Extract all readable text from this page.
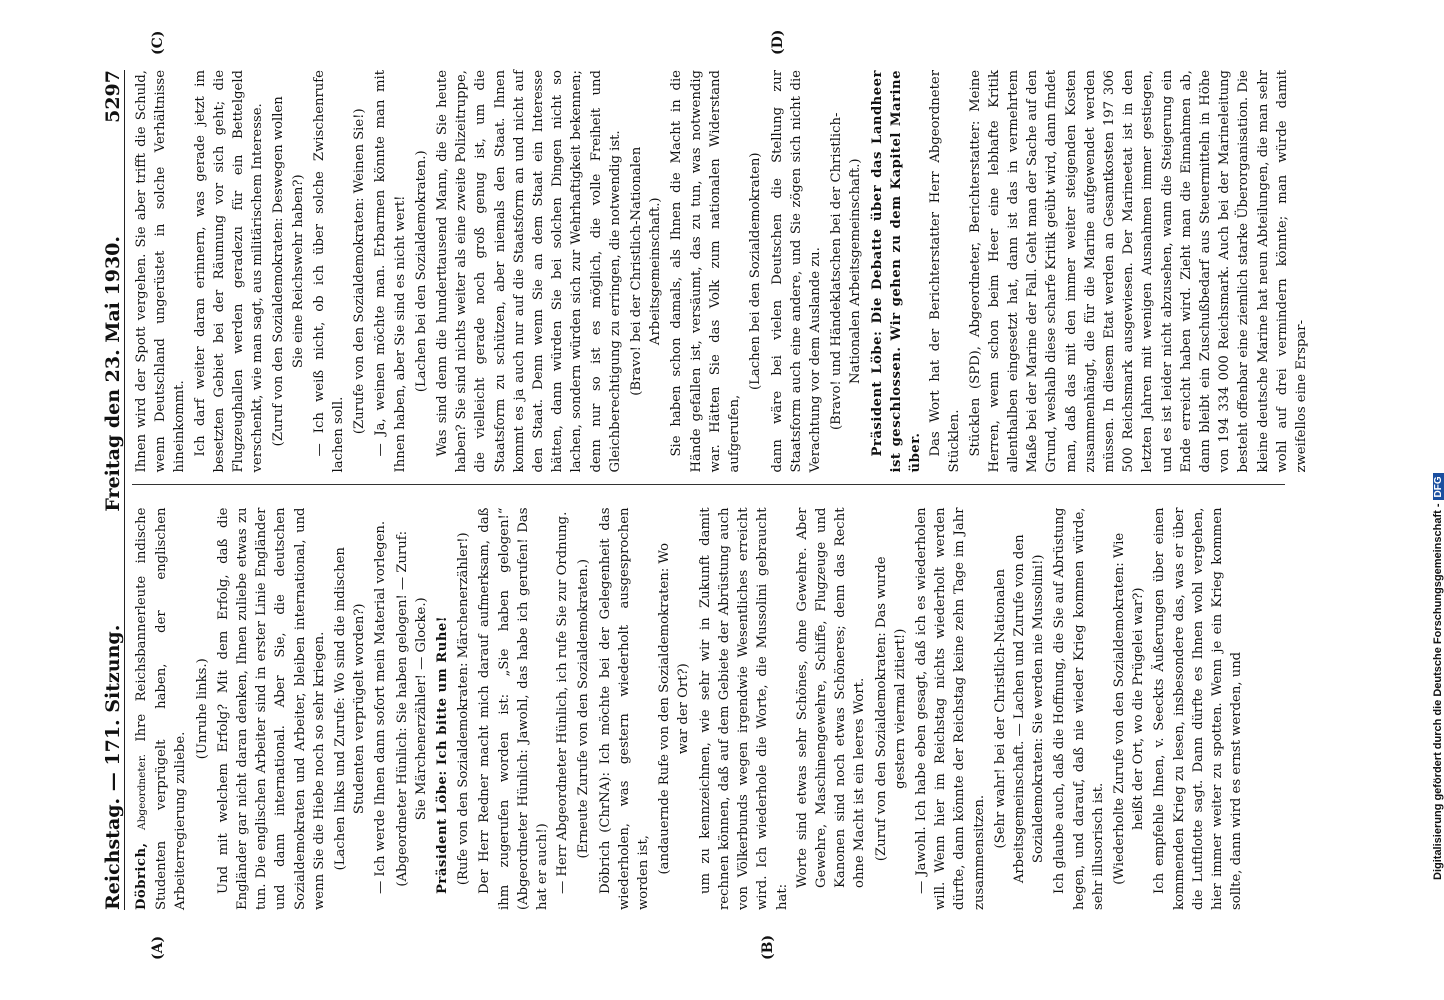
Reichstag. — 171. Sitzung.
Freitag den 23. Mai 1930.
5297
(A)	(B)
(C)	(D)

Döbrich, Abgeordneter. Ihre Reichsbannerleute indische Studenten verprügelt haben, der englischen Arbeiterregierung zuliebe.

(Unruhe links.) Und mit welchem Erfolg? Mit dem Erfolg, daß die Engländer gar nicht daran denken, Ihnen zuliebe etwas zu tun. Die englischen Arbeiter sind in erster Linie Engländer und dann international. Aber Sie, die deutschen Sozialdemokraten und Arbeiter, bleiben international, und wenn Sie die Hiebe noch so sehr kriegen. (Lachen links und Zurufe: Wo sind die indischen Studenten verprügelt worden?) — Ich werde Ihnen dann sofort mein Material vorlegen. (Abgeordneter Hünlich: Sie haben gelogen! — Zuruf: Sie Märchenerzähler! — Glocke.) Präsident Löbe: Ich bitte um Ruhe! (Rufe von den Sozialdemokraten: Märchenerzähler!) Der Herr Redner macht mich darauf aufmerksam, daß ihm zugerufen worden ist: „Sie haben gelogen!“ (Abgeordneter Hünlich: Jawohl, das habe ich gerufen! Das hat er auch!) — Herr Abgeordneter Hünlich, ich rufe Sie zur Ordnung. (Erneute Zurufe von den Sozialdemokraten.) Döbrich (ChrNA): Ich möchte bei der Gelegenheit das wiederholen, was gestern wiederholt ausgesprochen worden ist, (andauernde Rufe von den Sozialdemokraten: Wo war der Ort?) um zu kennzeichnen, wie sehr wir in Zukunft damit rechnen können, daß auf dem Gebiete der Abrüstung auch von Völkerbunds wegen irgendwie Wesentliches erreicht wird. Ich wiederhole die Worte, die Mussolini gebraucht hat:

Worte sind etwas sehr Schönes, ohne Gewehre. Aber Gewehre, Maschinengewehre, Schiffe, Flugzeuge und Kanonen sind noch etwas Schöneres; denn das Recht ohne Macht ist ein leeres Wort. (Zuruf von den Sozialdemokraten: Das wurde gestern viermal zitiert!) — Jawohl. Ich habe eben gesagt, daß ich es wiederholen will. Wenn hier im Reichstag nichts wiederholt werden dürfte, dann könnte der Reichstag keine zehn Tage im Jahr zusammensitzen.

(Sehr wahr! bei der Christlich-Nationalen Arbeitsgemeinschaft. — Lachen und Zurufe von den Sozialdemokraten: Sie werden nie Mussolini!) Ich glaube auch, daß die Hoffnung, die Sie auf Abrüstung hegen, und darauf, daß nie wieder Krieg kommen würde, sehr illusorisch ist. (Wiederholte Zurufe von den Sozialdemokraten: Wie heißt der Ort, wo die Prügelei war?) Ich empfehle Ihnen, v. Seeckts Äußerungen über einen kommenden Krieg zu lesen, insbesondere das, was er über die Luftflotte sagt. Dann dürfte es Ihnen wohl vergehen, hier immer weiter zu spotten. Wenn je ein Krieg kommen sollte, dann wird es ernst werden, und

Ihnen wird der Spott vergehen. Sie aber trifft die Schuld, wenn Deutschland ungerüstet in solche Verhältnisse hineinkommt. Ich darf weiter daran erinnern, was gerade jetzt im besetzten Gebiet bei der Räumung vor sich geht; die Flugzeughallen werden geradezu für ein Bettelgeld verschenkt, wie man sagt, aus militärischem Interesse. (Zuruf von den Sozialdemokraten: Deswegen wollen Sie eine Reichswehr haben?) — Ich weiß nicht, ob ich über solche Zwischenrufe lachen soll.

(Zurufe von den Sozialdemokraten: Weinen Sie!) — Ja, weinen möchte man. Erbarmen könnte man mit Ihnen haben, aber Sie sind es nicht wert! (Lachen bei den Sozialdemokraten.) Was sind denn die hunderttausend Mann, die Sie heute haben? Sie sind nichts weiter als eine zweite Polizeitruppe, die vielleicht gerade noch groß genug ist, um die Staatsform zu schützen, aber niemals den Staat. Ihnen kommt es ja auch nur auf die Staatsform an und nicht auf den Staat. Denn wenn Sie an dem Staat ein Interesse hätten, dann würden Sie bei solchen Dingen nicht so lachen, sondern würden sich zur Wehrhaftigkeit bekennen; denn nur so ist es möglich, die volle Freiheit und Gleichberechtigung zu erringen, die notwendig ist. (Bravo! bei der Christlich-Nationalen Arbeitsgemeinschaft.) Sie haben schon damals, als Ihnen die Macht in die Hände gefallen ist, versäumt, das zu tun, was notwendig war. Hätten Sie das Volk zum nationalen Widerstand aufgerufen,

(Lachen bei den Sozialdemokraten) dann wäre bei vielen Deutschen die Stellung zur Staatsform auch eine andere, und Sie zögen sich nicht die Verachtung vor dem Auslande zu. (Bravo! und Händeklatschen bei der Christlich-Nationalen Arbeitsgemeinschaft.) Präsident Löbe: Die Debatte über das Landheer ist geschlossen. Wir gehen zu dem Kapitel Marine über. Das Wort hat der Berichterstatter Herr Abgeordneter Stücklen. Stücklen (SPD), Abgeordneter, Berichterstatter: Meine Herren, wenn schon beim Heer eine lebhafte Kritik allenthalben eingesetzt hat, dann ist das in vermehrtem Maße bei der Marine der Fall. Geht man der Sache auf den Grund, weshalb diese scharfe Kritik geübt wird, dann findet man, daß das mit den immer weiter steigenden Kosten zusammenhängt, die für die Marine aufgewendet werden müssen. In diesem Etat werden an Gesamtkosten 197 306 500 Reichsmark ausgewiesen. Der Marineetat ist in den letzten Jahren mit wenigen Ausnahmen immer gestiegen, und es ist leider nicht abzusehen, wann die Steigerung ein Ende erreicht haben wird. Zieht man die Einnahmen ab, dann bleibt ein Zuschußbedarf aus Steuermitteln in Höhe von 194 334 000 Reichsmark. Auch bei der Marineleitung besteht offenbar eine ziemlich starke Überorganisation. Die kleine deutsche Marine hat neun Abteilungen, die man sehr wohl auf drei vermindern könnte; man würde damit zweifellos eine Erspar-

Digitalisierung gefördert durch die Deutsche Forschungsgemeinschaft -DFG
